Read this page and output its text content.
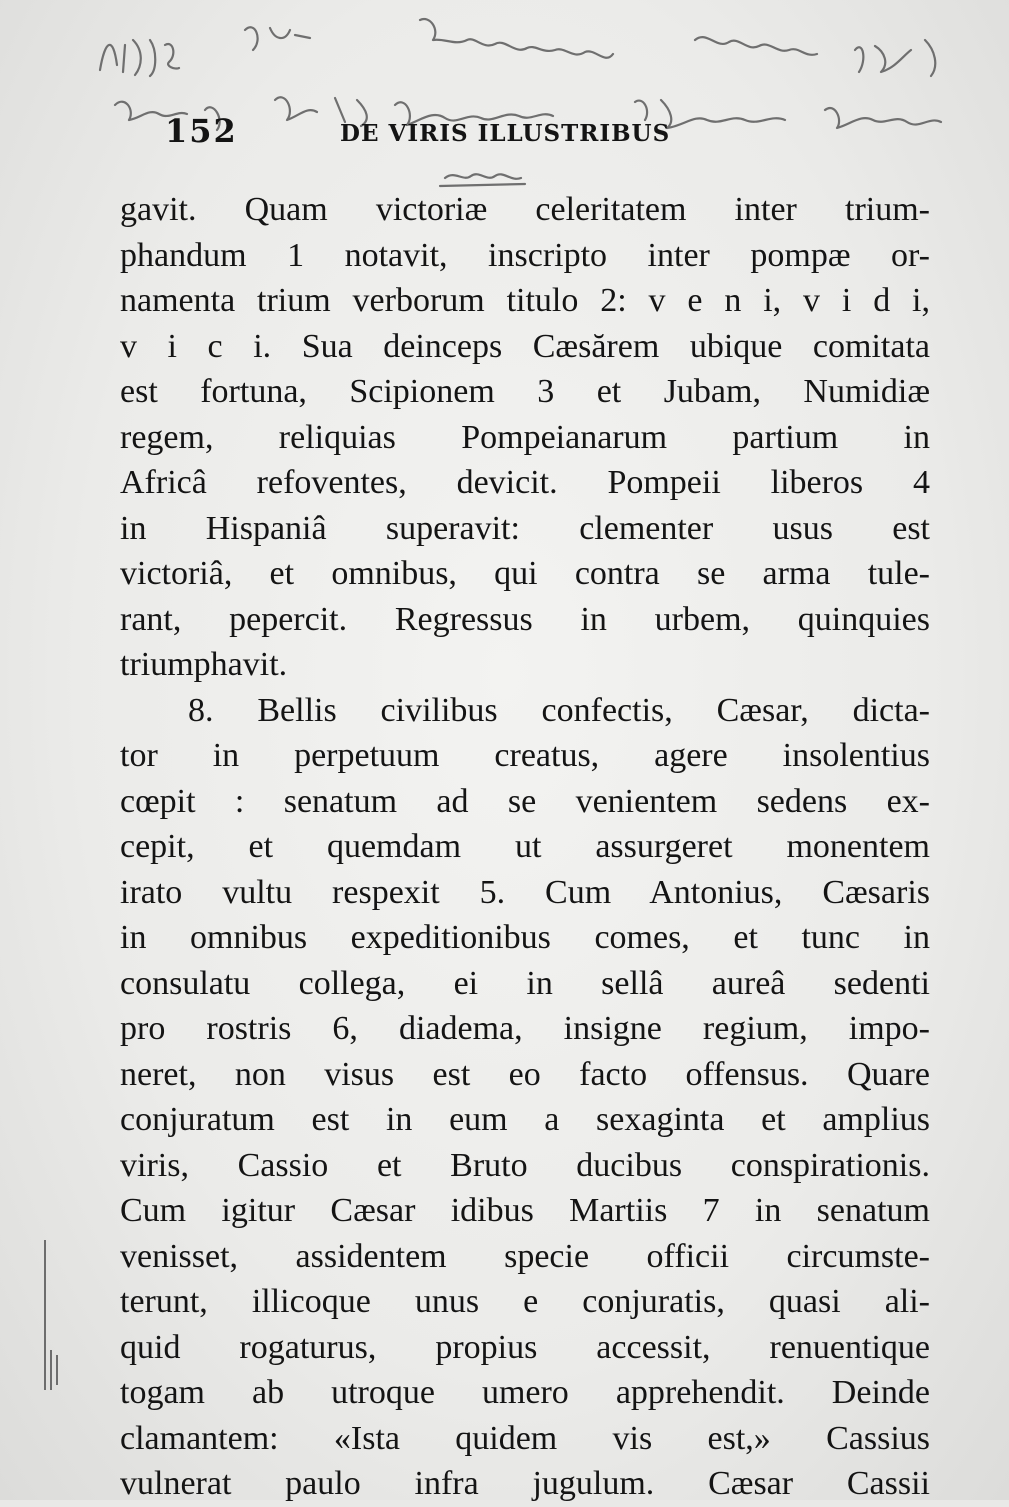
152	DE VIRIS ILLUSTRIBUS
gavit. Quam victoriæ celeritatem inter trium-
phandum 1 notavit, inscripto inter pompæ or-
namenta trium verborum titulo 2: v e n i, v i d i,
v i c i. Sua deinceps Cæsărem ubique comitata
est fortuna, Scipionem 3 et Jubam, Numidiæ
regem, reliquias Pompeianarum partium in
Africâ refoventes, devicit. Pompeii liberos 4
in Hispaniâ superavit: clementer usus est
victoriâ, et omnibus, qui contra se arma tule-
rant, pepercit. Regressus in urbem, quinquies
triumphavit.
8. Bellis civilibus confectis, Cæsar, dicta-
tor in perpetuum creatus, agere insolentius
cœpit : senatum ad se venientem sedens ex-
cepit, et quemdam ut assurgeret monentem
irato vultu respexit 5. Cum Antonius, Cæsaris
in omnibus expeditionibus comes, et tunc in
consulatu collega, ei in sellâ aureâ sedenti
pro rostris 6, diadema, insigne regium, impo-
neret, non visus est eo facto offensus. Quare
conjuratum est in eum a sexaginta et amplius
viris, Cassio et Bruto ducibus conspirationis.
Cum igitur Cæsar idibus Martiis 7 in senatum
venisset, assidentem specie officii circumste-
terunt, illicoque unus e conjuratis, quasi ali-
quid rogaturus, propius accessit, renuentique
togam ab utroque umero apprehendit. Deinde
clamantem: «Ista quidem vis est,» Cassius
vulnerat paulo infra jugulum. Cæsar Cassii
